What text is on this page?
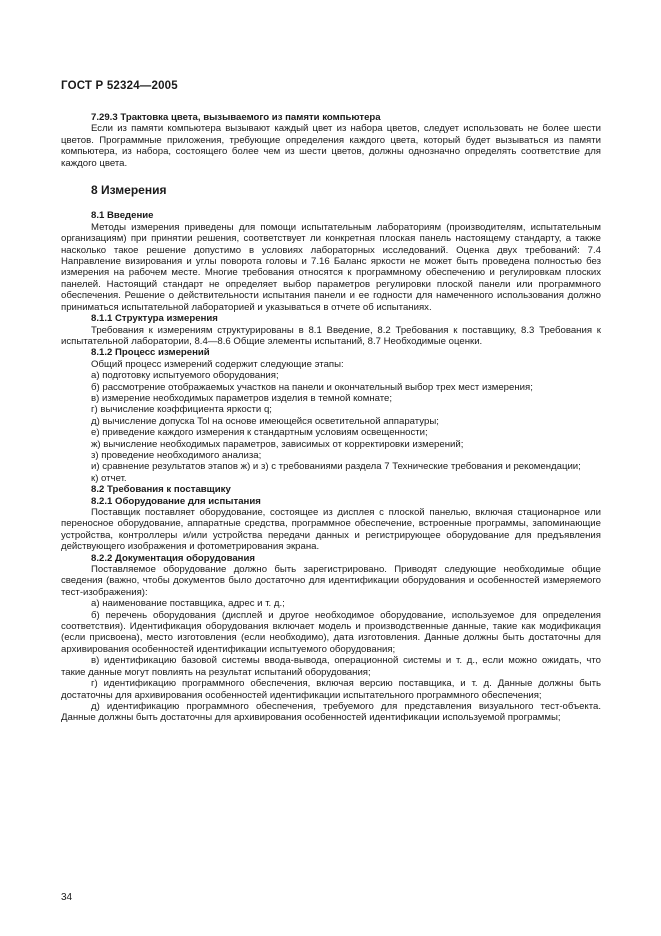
ГОСТ Р 52324—2005

7.29.3 Трактовка цвета, вызываемого из памяти компьютера

Если из памяти компьютера вызывают каждый цвет из набора цветов, следует использовать не более шести цветов. Программные приложения, требующие определения каждого цвета, который будет вызываться из памяти компьютера, из набора, состоящего более чем из шести цветов, должны однозначно определять соответствие для каждого цвета.

8 Измерения

8.1 Введение

Методы измерения приведены для помощи испытательным лабораториям (производителям, испытательным организациям) при принятии решения, соответствует ли конкретная плоская панель настоящему стандарту, а также насколько такое решение допустимо в условиях лабораторных исследований. Оценка двух требований: 7.4 Направление визирования и углы поворота головы и 7.16 Баланс яркости не может быть проведена полностью без измерения на рабочем месте. Многие требования относятся к программному обеспечению и регулировкам плоских панелей. Настоящий стандарт не определяет выбор параметров регулировки плоской панели или программного обеспечения. Решение о действительности испытания панели и ее годности для намеченного использования должно приниматься испытательной лабораторией и указываться в отчете об испытаниях.

8.1.1 Структура измерения

Требования к измерениям структурированы в 8.1 Введение, 8.2 Требования к поставщику, 8.3 Требования к испытательной лаборатории, 8.4—8.6 Общие элементы испытаний, 8.7 Необходимые оценки.

8.1.2 Процесс измерений

Общий процесс измерений содержит следующие этапы:

а) подготовку испытуемого оборудования;

б) рассмотрение отображаемых участков на панели и окончательный выбор трех мест измерения;

в) измерение необходимых параметров изделия в темной комнате;

г) вычисление коэффициента яркости q;

д) вычисление допуска Tol на основе имеющейся осветительной аппаратуры;

е) приведение каждого измерения к стандартным условиям освещенности;

ж) вычисление необходимых параметров, зависимых от корректировки измерений;

з) проведение необходимого анализа;

и) сравнение результатов этапов ж) и з) с требованиями раздела 7 Технические требования и рекомендации;

к) отчет.

8.2 Требования к поставщику

8.2.1 Оборудование для испытания

Поставщик поставляет оборудование, состоящее из дисплея с плоской панелью, включая стационарное или переносное оборудование, аппаратные средства, программное обеспечение, встроенные программы, запоминающие устройства, контроллеры и/или устройства передачи данных и регистрирующее оборудование для предъявления действующего изображения и фотометрирования экрана.

8.2.2 Документация оборудования

Поставляемое оборудование должно быть зарегистрировано. Приводят следующие необходимые общие сведения (важно, чтобы документов было достаточно для идентификации оборудования и особенностей измеряемого тест-изображения):

а) наименование поставщика, адрес и т. д.;

б) перечень оборудования (дисплей и другое необходимое оборудование, используемое для определения соответствия). Идентификация оборудования включает модель и производственные данные, такие как модификация (если присвоена), место изготовления (если необходимо), дата изготовления. Данные должны быть достаточны для архивирования особенностей идентификации испытуемого оборудования;

в) идентификацию базовой системы ввода-вывода, операционной системы и т. д., если можно ожидать, что такие данные могут повлиять на результат испытаний оборудования;

г) идентификацию программного обеспечения, включая версию поставщика, и т. д. Данные должны быть достаточны для архивирования особенностей идентификации испытательного программного обеспечения;

д) идентификацию программного обеспечения, требуемого для представления визуального тест-объекта. Данные должны быть достаточны для архивирования особенностей идентификации используемой программы;

34
